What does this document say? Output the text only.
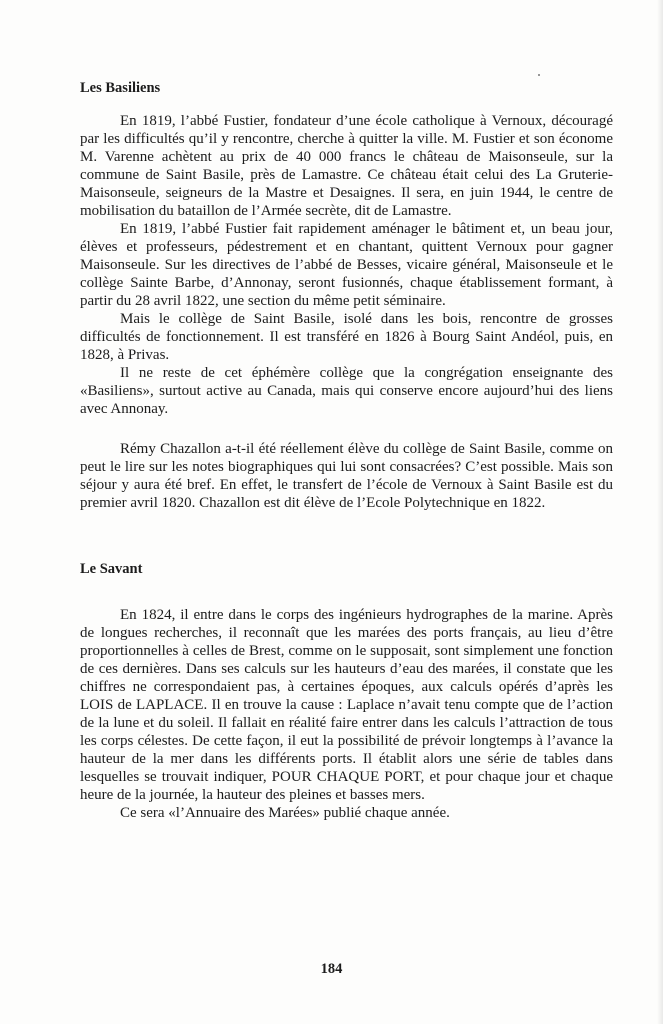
Les Basiliens

En 1819, l’abbé Fustier, fondateur d’une école catholique à Vernoux, découragé par les difficultés qu’il y rencontre, cherche à quitter la ville. M. Fustier et son économe M. Varenne achètent au prix de 40 000 francs le château de Maisonseule, sur la commune de Saint Basile, près de Lamastre. Ce château était celui des La Gruterie-Maisonseule, seigneurs de la Mastre et Desaignes. Il sera, en juin 1944, le centre de mobilisation du bataillon de l’Armée secrète, dit de Lamastre.

En 1819, l’abbé Fustier fait rapidement aménager le bâtiment et, un beau jour, élèves et professeurs, pédestrement et en chantant, quittent Vernoux pour gagner Maisonseule. Sur les directives de l’abbé de Besses, vicaire général, Maisonseule et le collège Sainte Barbe, d’Annonay, seront fusionnés, chaque établissement formant, à partir du 28 avril 1822, une section du même petit séminaire.

Mais le collège de Saint Basile, isolé dans les bois, rencontre de grosses difficultés de fonctionnement. Il est transféré en 1826 à Bourg Saint Andéol, puis, en 1828, à Privas.

Il ne reste de cet éphémère collège que la congrégation enseignante des «Basiliens», surtout active au Canada, mais qui conserve encore aujourd’hui des liens avec Annonay.

Rémy Chazallon a-t-il été réellement élève du collège de Saint Basile, comme on peut le lire sur les notes biographiques qui lui sont consacrées? C’est possible. Mais son séjour y aura été bref. En effet, le transfert de l’école de Vernoux à Saint Basile est du premier avril 1820. Chazallon est dit élève de l’Ecole Polytechnique en 1822.

Le Savant

En 1824, il entre dans le corps des ingénieurs hydrographes de la marine. Après de longues recherches, il reconnaît que les marées des ports français, au lieu d’être proportionnelles à celles de Brest, comme on le supposait, sont simplement une fonction de ces dernières. Dans ses calculs sur les hauteurs d’eau des marées, il constate que les chiffres ne correspondaient pas, à certaines époques, aux calculs opérés d’après les LOIS de LAPLACE. Il en trouve la cause : Laplace n’avait tenu compte que de l’action de la lune et du soleil. Il fallait en réalité faire entrer dans les calculs l’attraction de tous les corps célestes. De cette façon, il eut la possibilité de prévoir longtemps à l’avance la hauteur de la mer dans les différents ports. Il établit alors une série de tables dans lesquelles se trouvait indiquer, POUR CHAQUE PORT, et pour chaque jour et chaque heure de la journée, la hauteur des pleines et basses mers.

Ce sera «l’Annuaire des Marées» publié chaque année.

184
